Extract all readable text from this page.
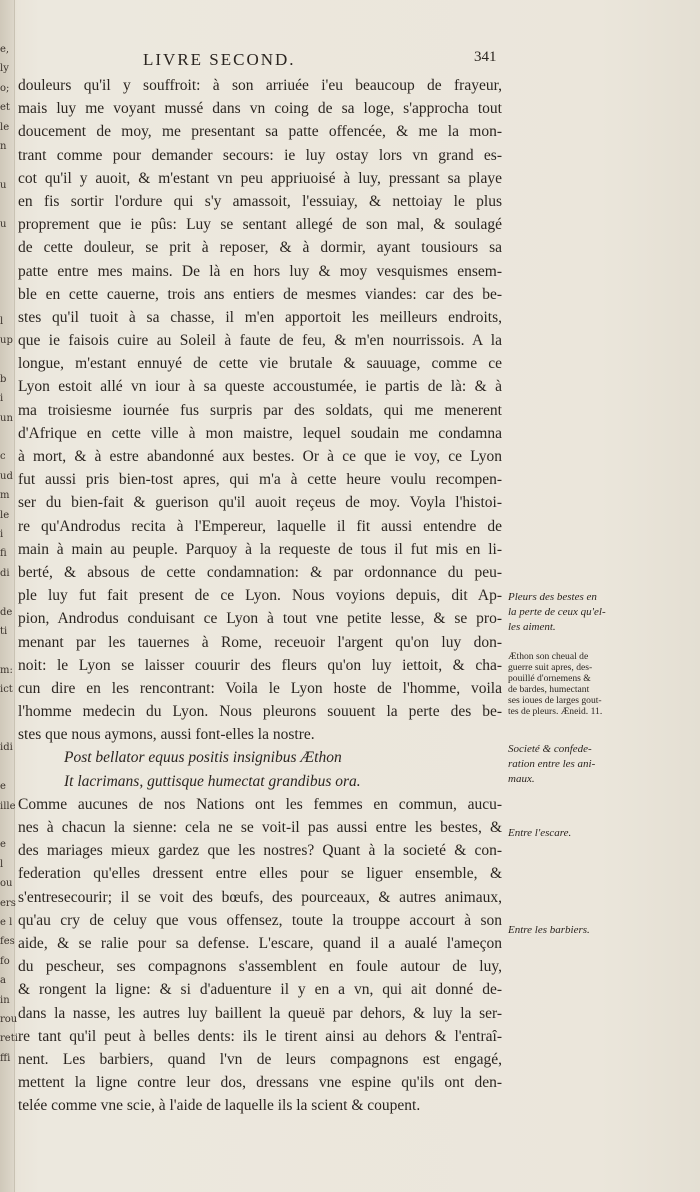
e,
ly
o;
et
le
n
u
u
l
up
b
i
un
c
ud
m
le
i
fi
di
de
ti
m:
ict
idi
e
ille
e
l
ou
ers
e l
fes
fo
a
in
rou
reti
ffi
LIVRE SECOND.	341
douleurs qu'il y souffroit: à son arriuée i'eu beaucoup de frayeur,
mais luy me voyant mussé dans vn coing de sa loge, s'approcha tout
doucement de moy, me presentant sa patte offencée, & me la mon-
trant comme pour demander secours: ie luy ostay lors vn grand es-
cot qu'il y auoit, & m'estant vn peu appriuoisé à luy, pressant sa playe
en fis sortir l'ordure qui s'y amassoit, l'essuiay, & nettoiay le plus
proprement que ie pûs: Luy se sentant allegé de son mal, & soulagé
de cette douleur, se prit à reposer, & à dormir, ayant tousiours sa
patte entre mes mains. De là en hors luy & moy vesquismes ensem-
ble en cette cauerne, trois ans entiers de mesmes viandes: car des be-
stes qu'il tuoit à sa chasse, il m'en apportoit les meilleurs endroits,
que ie faisois cuire au Soleil à faute de feu, & m'en nourrissois. A la
longue, m'estant ennuyé de cette vie brutale & sauuage, comme ce
Lyon estoit allé vn iour à sa queste accoustumée, ie partis de là: & à
ma troisiesme iournée fus surpris par des soldats, qui me menerent
d'Afrique en cette ville à mon maistre, lequel soudain me condamna
à mort, & à estre abandonné aux bestes. Or à ce que ie voy, ce Lyon
fut aussi pris bien-tost apres, qui m'a à cette heure voulu recompen-
ser du bien-fait & guerison qu'il auoit reçeus de moy. Voyla l'histoi-
re qu'Androdus recita à l'Empereur, laquelle il fit aussi entendre de
main à main au peuple. Parquoy à la requeste de tous il fut mis en li-
berté, & absous de cette condamnation: & par ordonnance du peu-
ple luy fut fait present de ce Lyon. Nous voyions depuis, dit Ap-
pion, Androdus conduisant ce Lyon à tout vne petite lesse, & se pro-
menant par les tauernes à Rome, receuoir l'argent qu'on luy don-
noit: le Lyon se laisser couurir des fleurs qu'on luy iettoit, & cha-
cun dire en les rencontrant: Voila le Lyon hoste de l'homme, voila
l'homme medecin du Lyon. Nous pleurons souuent la perte des be-
stes que nous aymons, aussi font-elles la nostre.
Post bellator equus positis insignibus Æthon
It lacrimans, guttisque humectat grandibus ora.
Comme aucunes de nos Nations ont les femmes en commun, aucu-
nes à chacun la sienne: cela ne se voit-il pas aussi entre les bestes, &
des mariages mieux gardez que les nostres? Quant à la societé & con-
federation qu'elles dressent entre elles pour se liguer ensemble, &
s'entresecourir; il se voit des bœufs, des pourceaux, & autres animaux,
qu'au cry de celuy que vous offensez, toute la trouppe accourt à son
aide, & se ralie pour sa defense. L'escare, quand il a aualé l'ameçon
du pescheur, ses compagnons s'assemblent en foule autour de luy,
& rongent la ligne: & si d'aduenture il y en a vn, qui ait donné de-
dans la nasse, les autres luy baillent la queuë par dehors, & luy la ser-
re tant qu'il peut à belles dents: ils le tirent ainsi au dehors & l'entraî-
nent. Les barbiers, quand l'vn de leurs compagnons est engagé,
mettent la ligne contre leur dos, dressans vne espine qu'ils ont den-
telée comme vne scie, à l'aide de laquelle ils la scient & coupent.
Pleurs des bestes en
la perte de ceux qu'el-
les aiment.
Æthon son cheual de
guerre suit apres, des-
pouillé d'ornemens &
de bardes, humectant
ses ioues de larges gout-
tes de pleurs. Æneid. 11.
Societé & confede-
ration entre les ani-
maux.
Entre l'escare.
Entre les barbiers.
